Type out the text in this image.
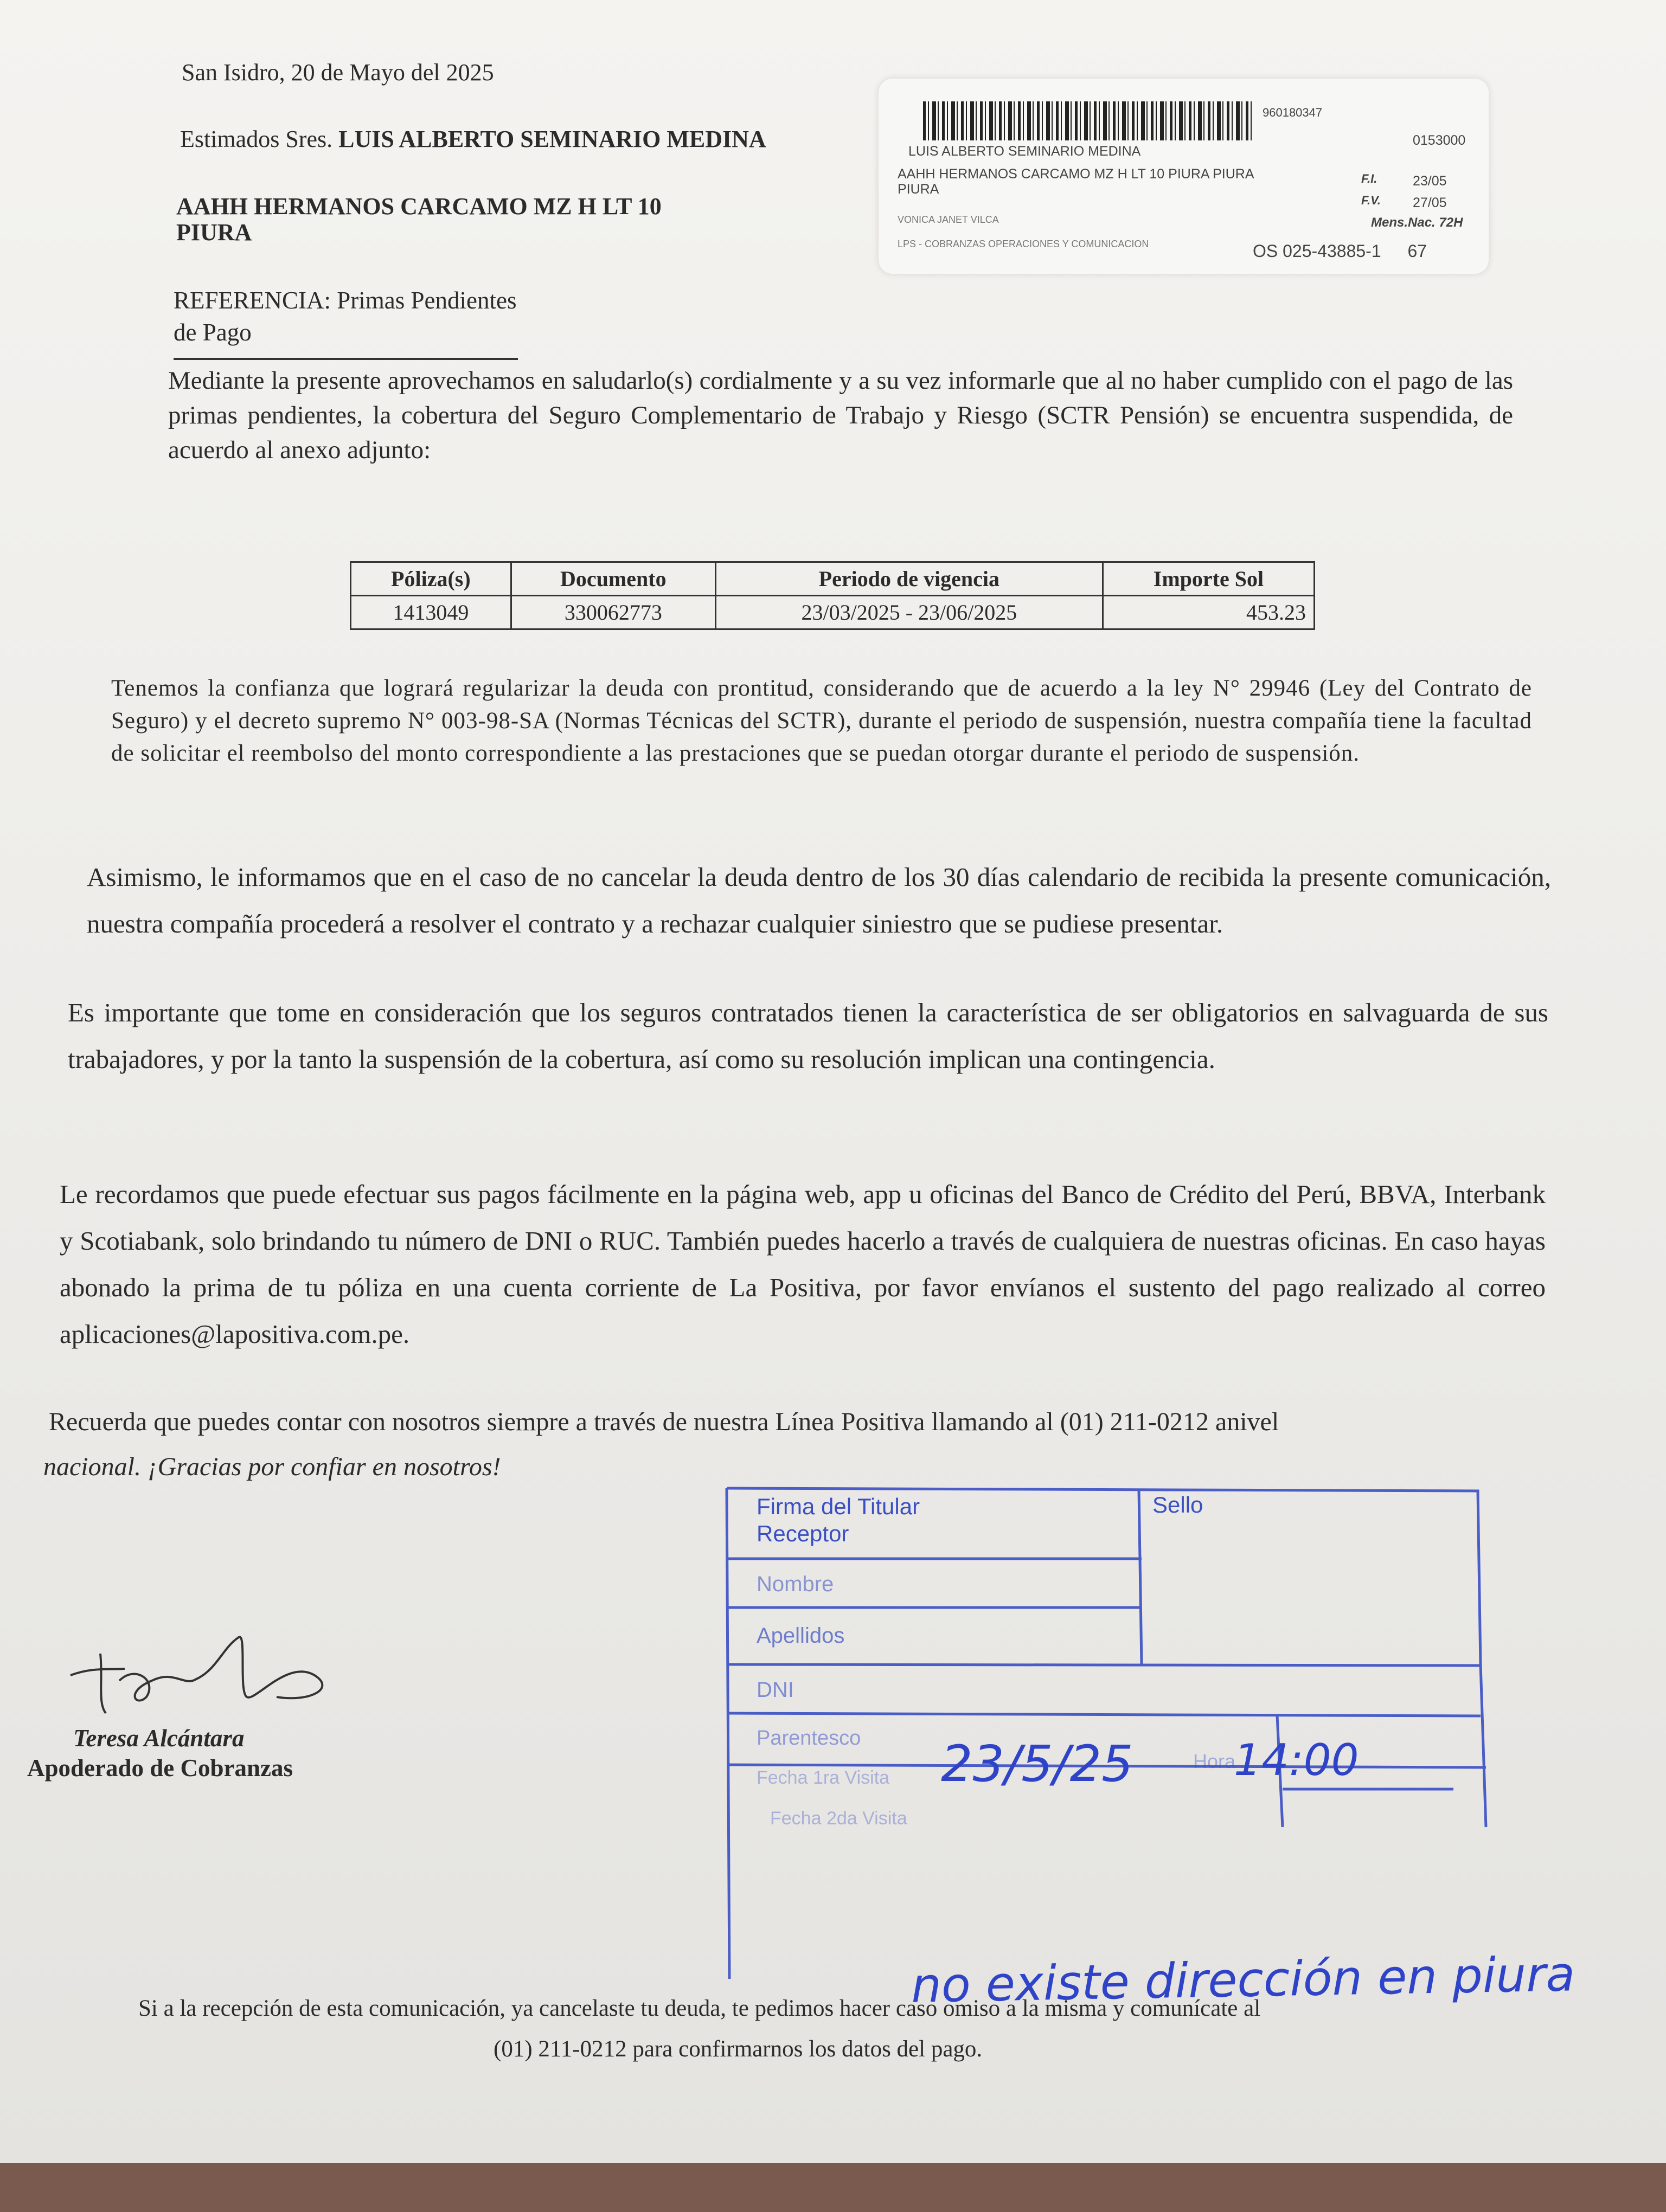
San Isidro, 20 de Mayo del 2025
Estimados Sres. LUIS ALBERTO SEMINARIO MEDINA
AAHH HERMANOS CARCAMO MZ H LT 10
PIURA
REFERENCIA: Primas Pendientes de Pago
960180347
0153000
LUIS ALBERTO SEMINARIO MEDINA
AAHH HERMANOS CARCAMO MZ H LT 10 PIURA PIURA
PIURA
F.I.	23/05
F.V. 27/05
VONICA JANET VILCA	Mens.Nac. 72H
LPS - COBRANZAS OPERACIONES Y COMUNICACION	OS 025-43885-1 67
Mediante la presente aprovechamos en saludarlo(s) cordialmente y a su vez informarle que al no haber cumplido con el pago de las primas pendientes, la cobertura del Seguro Complementario de Trabajo y Riesgo (SCTR Pensión) se encuentra suspendida, de acuerdo al anexo adjunto:
Póliza(s)	Documento	Periodo de vigencia	Importe Sol
1413049	330062773	23/03/2025 - 23/06/2025	453.23
Tenemos la confianza que logrará regularizar la deuda con prontitud, considerando que de acuerdo a la ley N° 29946 (Ley del Contrato de Seguro) y el decreto supremo N° 003-98-SA (Normas Técnicas del SCTR), durante el periodo de suspensión, nuestra compañía tiene la facultad de solicitar el reembolso del monto correspondiente a las prestaciones que se puedan otorgar durante el periodo de suspensión.
Asimismo, le informamos que en el caso de no cancelar la deuda dentro de los 30 días calendario de recibida la presente comunicación, nuestra compañía procederá a resolver el contrato y a rechazar cualquier siniestro que se pudiese presentar.
Es importante que tome en consideración que los seguros contratados tienen la característica de ser obligatorios en salvaguarda de sus trabajadores, y por la tanto la suspensión de la cobertura, así como su resolución implican una contingencia.
Le recordamos que puede efectuar sus pagos fácilmente en la página web, app u oficinas del Banco de Crédito del Perú, BBVA, Interbank y Scotiabank, solo brindando tu número de DNI o RUC. También puedes hacerlo a través de cualquiera de nuestras oficinas. En caso hayas abonado la prima de tu póliza en una cuenta corriente de La Positiva, por favor envíanos el sustento del pago realizado al correo aplicaciones@lapositiva.com.pe.
Recuerda que puedes contar con nosotros siempre a través de nuestra Línea Positiva llamando al (01) 211-0212 anivel
nacional. ¡Gracias por confiar en nosotros!
Teresa Alcántara
Apoderado de Cobranzas
Firma del Titular
Receptor
Sello
Nombre
Apellidos
DNI
Parentesco
Fecha 1ra Visita
Hora
Fecha 2da Visita
23/5/25 14:00
no existe dirección en piura
Si a la recepción de esta comunicación, ya cancelaste tu deuda, te pedimos hacer caso omiso a la misma y comunícate al
(01) 211-0212 para confirmarnos los datos del pago.
